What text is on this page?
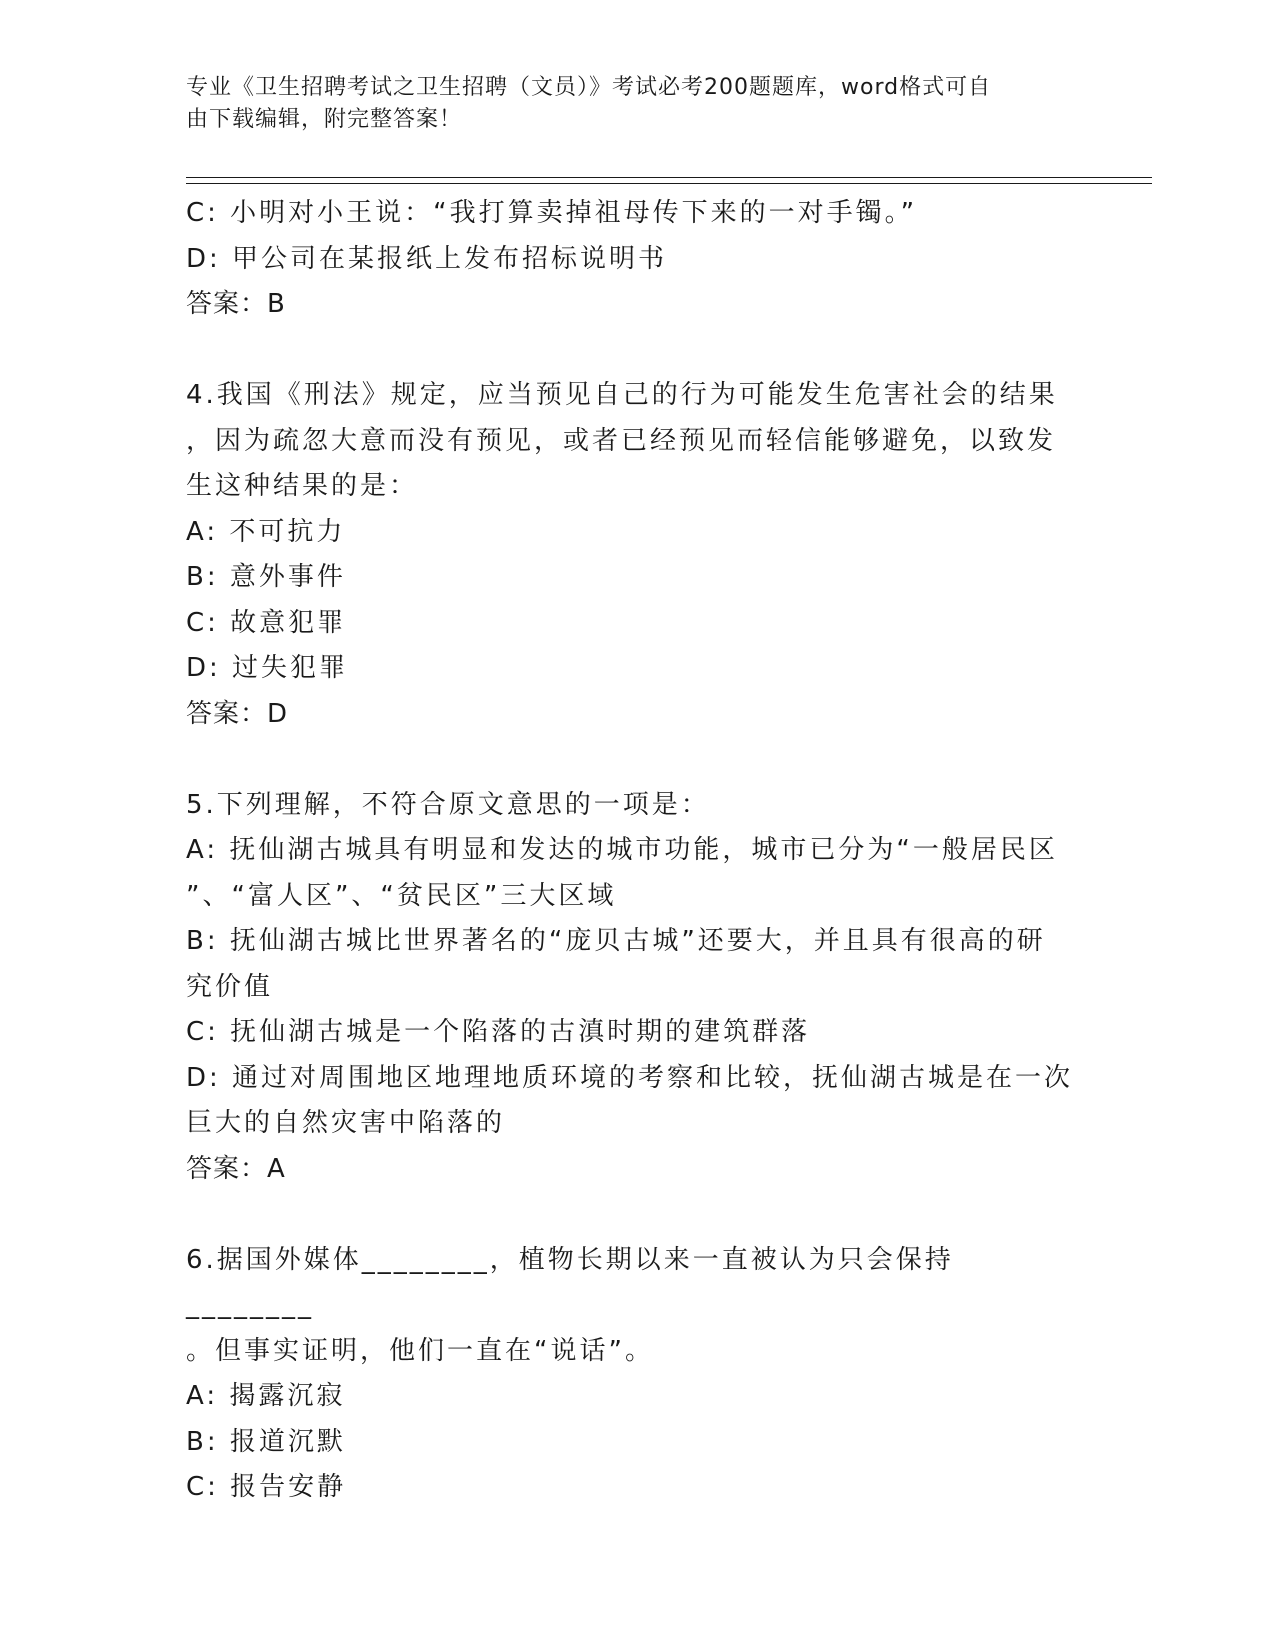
专业《卫生招聘考试之卫生招聘（文员）》考试必考200题题库，word格式可自
由下载编辑，附完整答案！
C: 小明对小王说：“我打算卖掉祖母传下来的一对手镯。”
D: 甲公司在某报纸上发布招标说明书
答案：B
4.我国《刑法》规定，应当预见自己的行为可能发生危害社会的结果
，因为疏忽大意而没有预见，或者已经预见而轻信能够避免，以致发
生这种结果的是：
A: 不可抗力
B: 意外事件
C: 故意犯罪
D: 过失犯罪
答案：D
5.下列理解，不符合原文意思的一项是：
A: 抚仙湖古城具有明显和发达的城市功能，城市已分为“一般居民区
”、“富人区”、“贫民区”三大区域
B: 抚仙湖古城比世界著名的“庞贝古城”还要大，并且具有很高的研
究价值
C: 抚仙湖古城是一个陷落的古滇时期的建筑群落
D: 通过对周围地区地理地质环境的考察和比较，抚仙湖古城是在一次
巨大的自然灾害中陷落的
答案：A
6.据国外媒体________，植物长期以来一直被认为只会保持________
。但事实证明，他们一直在“说话”。
A: 揭露沉寂
B: 报道沉默
C: 报告安静
